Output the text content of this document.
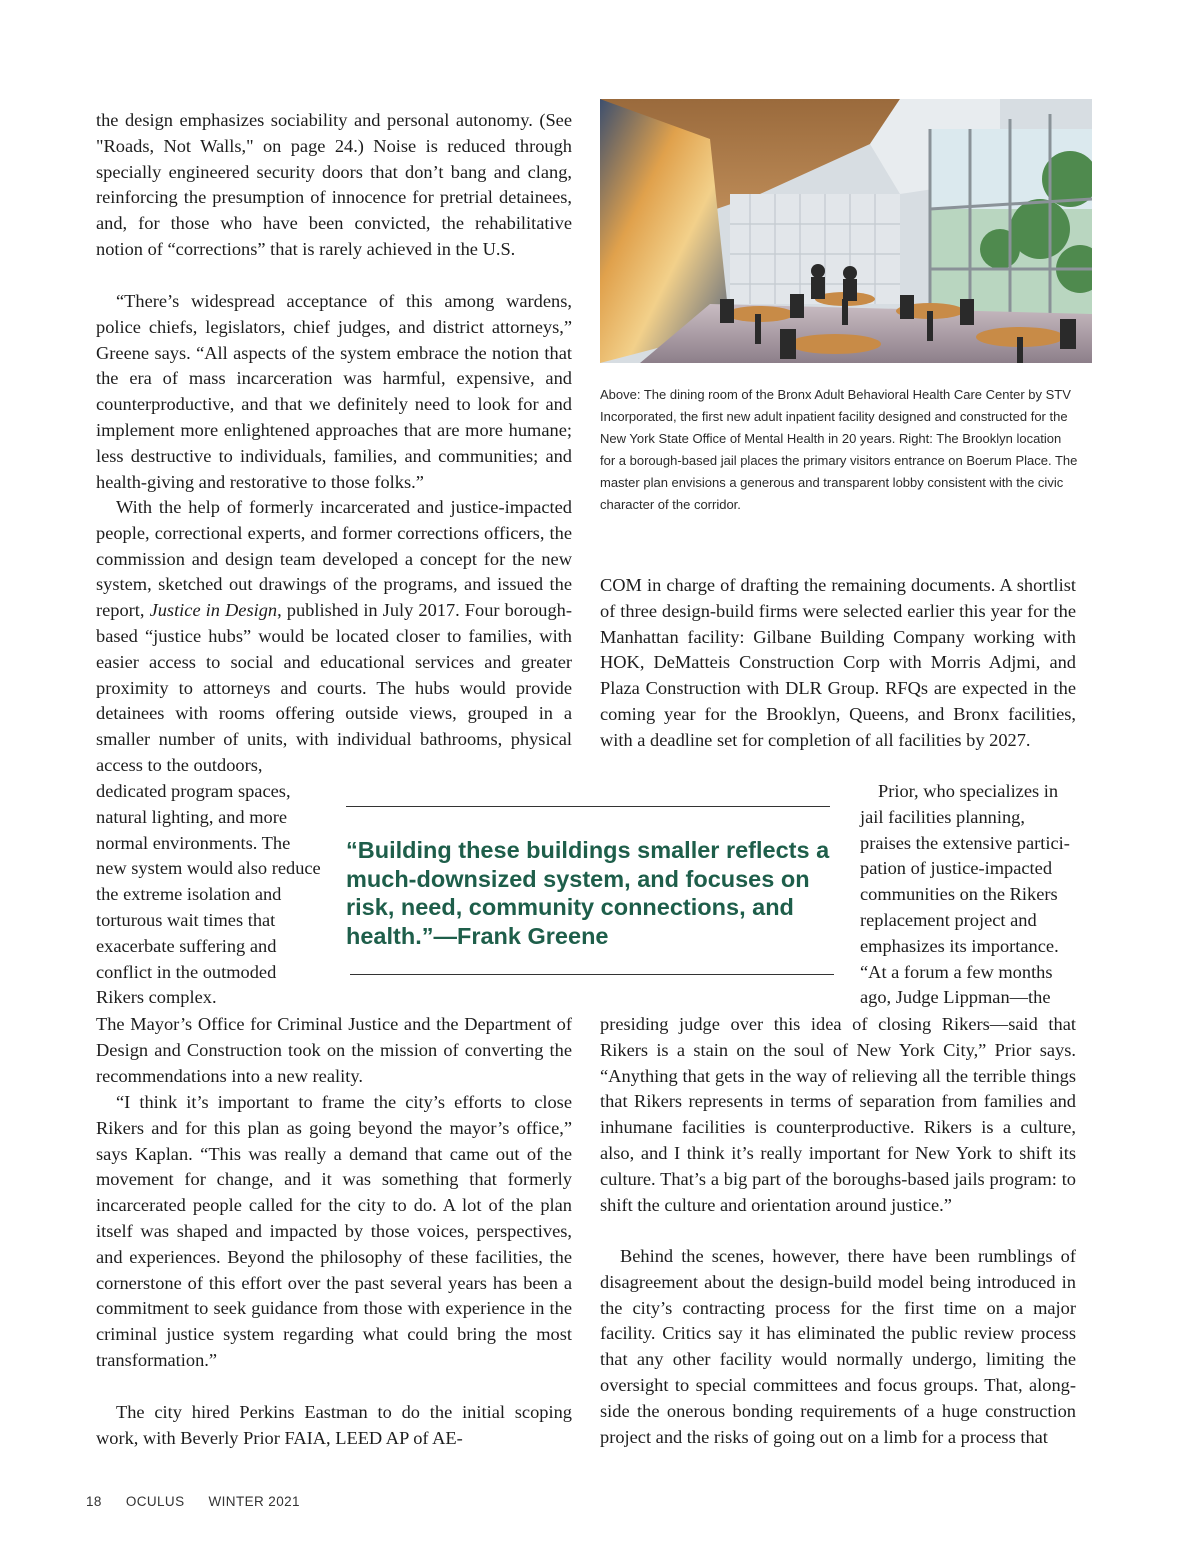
the design emphasizes sociability and personal autonomy. (See "Roads, Not Walls," on page 24.) Noise is reduced through specially engineered security doors that don’t bang and clang, reinforcing the presumption of innocence for pretrial detainees, and, for those who have been convicted, the rehabilitative notion of “corrections” that is rarely achieved in the U.S.

“There’s widespread acceptance of this among wardens, police chiefs, legislators, chief judges, and district attorneys,” Greene says. “All aspects of the system embrace the notion that the era of mass incarceration was harmful, expensive, and counterproductive, and that we definitely need to look for and implement more enlightened approaches that are more humane; less destructive to individuals, families, and communities; and health-giving and restorative to those folks.”

With the help of formerly incarcerated and justice-impacted people, correctional experts, and former corrections officers, the commission and design team developed a concept for the new system, sketched out drawings of the programs, and issued the report, Justice in Design, published in July 2017. Four borough-based “justice hubs” would be located closer to families, with easier access to social and educational services and greater proximity to attorneys and courts. The hubs would provide detainees with rooms offering outside views, grouped in a smaller number of units, with individual bathrooms, physical access to the outdoors,

dedicated program spaces, natural lighting, and more normal environments. The new system would also reduce the extreme isolation and torturous wait times that exacerbate suffering and conflict in the outmoded Rikers complex.

The Mayor’s Office for Criminal Justice and the Department of Design and Construction took on the mission of converting the recommendations into a new reality.

“I think it’s important to frame the city’s efforts to close Rikers and for this plan as going beyond the mayor’s office,” says Kaplan. “This was really a demand that came out of the movement for change, and it was something that formerly incarcerated people called for the city to do. A lot of the plan itself was shaped and impacted by those voices, perspectives, and experiences. Beyond the philosophy of these facilities, the cornerstone of this effort over the past several years has been a commitment to seek guidance from those with experience in the criminal justice system regarding what could bring the most transformation.”

The city hired Perkins Eastman to do the initial scoping work, with Beverly Prior FAIA, LEED AP of AE-

Above: The dining room of the Bronx Adult Behavioral Health Care Center by STV Incorporated, the first new adult inpatient facility designed and constructed for the New York State Office of Mental Health in 20 years. Right: The Brooklyn location for a borough-based jail places the primary visitors entrance on Boerum Place. The master plan envisions a generous and transparent lobby consistent with the civic character of the corridor.

COM in charge of drafting the remaining documents. A shortlist of three design-build firms were selected earlier this year for the Manhattan facility: Gilbane Building Company working with HOK, DeMatteis Construction Corp with Morris Adjmi, and Plaza Construction with DLR Group. RFQs are expected in the coming year for the Brooklyn, Queens, and Bronx facilities, with a deadline set for completion of all facilities by 2027.

Prior, who specializes in jail facilities planning, praises the extensive participation of justice-impacted communities on the Rikers replacement project and emphasizes its importance. “At a forum a few months ago, Judge Lippman—the

presiding judge over this idea of closing Rikers—said that Rikers is a stain on the soul of New York City,” Prior says. “Anything that gets in the way of relieving all the terrible things that Rikers represents in terms of separation from families and inhumane facilities is counterproductive. Rikers is a culture, also, and I think it’s really important for New York to shift its culture. That’s a big part of the boroughs-based jails program: to shift the culture and orientation around justice.”

Behind the scenes, however, there have been rumblings of disagreement about the design-build model being introduced in the city’s contracting process for the first time on a major facility. Critics say it has eliminated the public review process that any other facility would normally undergo, limiting the oversight to special committees and focus groups. That, alongside the onerous bonding requirements of a huge construction project and the risks of going out on a limb for a process that

“Building these buildings smaller reflects a much-downsized system, and focuses on risk, need, community connections, and health.”—Frank Greene

18 OCULUS WINTER 2021
